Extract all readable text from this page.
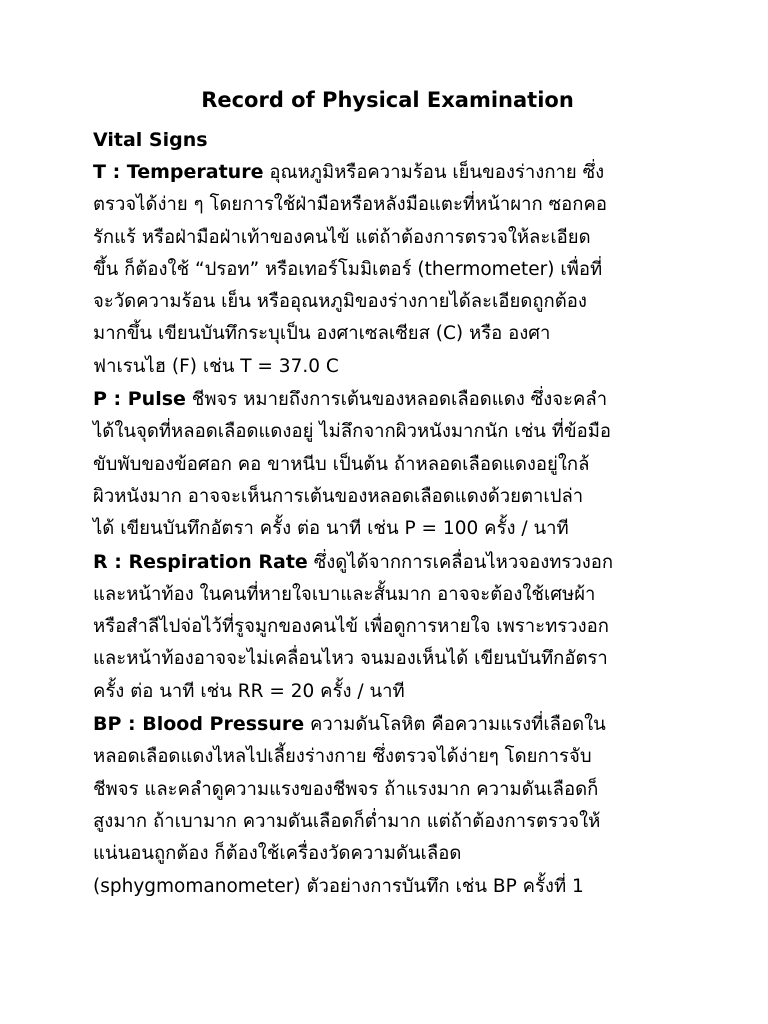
Record of Physical Examination
Vital Signs

T : Temperature อุณหภูมิหรือความร้อน เย็นของร่างกาย ซึ่ง
ตรวจได้ง่าย ๆ โดยการใช้ฝ่ามือหรือหลังมือแตะที่หน้าผาก ซอกคอ
รักแร้ หรือฝ่ามือฝ่าเท้าของคนไข้ แต่ถ้าต้องการตรวจให้ละเอียด
ขึ้น ก็ต้องใช้ “ปรอท” หรือเทอร์โมมิเตอร์ (thermometer) เพื่อที่
จะวัดความร้อน เย็น หรืออุณหภูมิของร่างกายได้ละเอียดถูกต้อง
มากขึ้น เขียนบันทึกระบุเป็น องศาเซลเซียส (C) หรือ องศา
ฟาเรนไฮ (F) เช่น T = 37.0 C

P : Pulse ชีพจร หมายถึงการเต้นของหลอดเลือดแดง ซึ่งจะคลำ
ได้ในจุดที่หลอดเลือดแดงอยู่ ไม่ลึกจากผิวหนังมากนัก เช่น ที่ข้อมือ
ขับพับของข้อศอก คอ ขาหนีบ เป็นต้น ถ้าหลอดเลือดแดงอยู่ใกล้
ผิวหนังมาก อาจจะเห็นการเต้นของหลอดเลือดแดงด้วยตาเปล่า
ได้ เขียนบันทึกอัตรา ครั้ง ต่อ นาที เช่น P = 100 ครั้ง / นาที

R : Respiration Rate ซึ่งดูได้จากการเคลื่อนไหวจองทรวงอก
และหน้าท้อง ในคนที่หายใจเบาและสั้นมาก อาจจะต้องใช้เศษผ้า
หรือสำลีไปจ่อไว้ที่รูจมูกของคนไข้ เพื่อดูการหายใจ เพราะทรวงอก
และหน้าท้องอาจจะไม่เคลื่อนไหว จนมองเห็นได้ เขียนบันทึกอัตรา
ครั้ง ต่อ นาที เช่น RR = 20 ครั้ง / นาที

BP : Blood Pressure ความดันโลหิต คือความแรงที่เลือดใน
หลอดเลือดแดงไหลไปเลี้ยงร่างกาย ซึ่งตรวจได้ง่ายๆ โดยการจับ
ชีพจร และคลำดูความแรงของชีพจร ถ้าแรงมาก ความดันเลือดก็
สูงมาก ถ้าเบามาก ความดันเลือดก็ต่ำมาก แต่ถ้าต้องการตรวจให้
แน่นอนถูกต้อง ก็ต้องใช้เครื่องวัดความดันเลือด
(sphygmomanometer) ตัวอย่างการบันทึก เช่น BP ครั้งที่ 1
